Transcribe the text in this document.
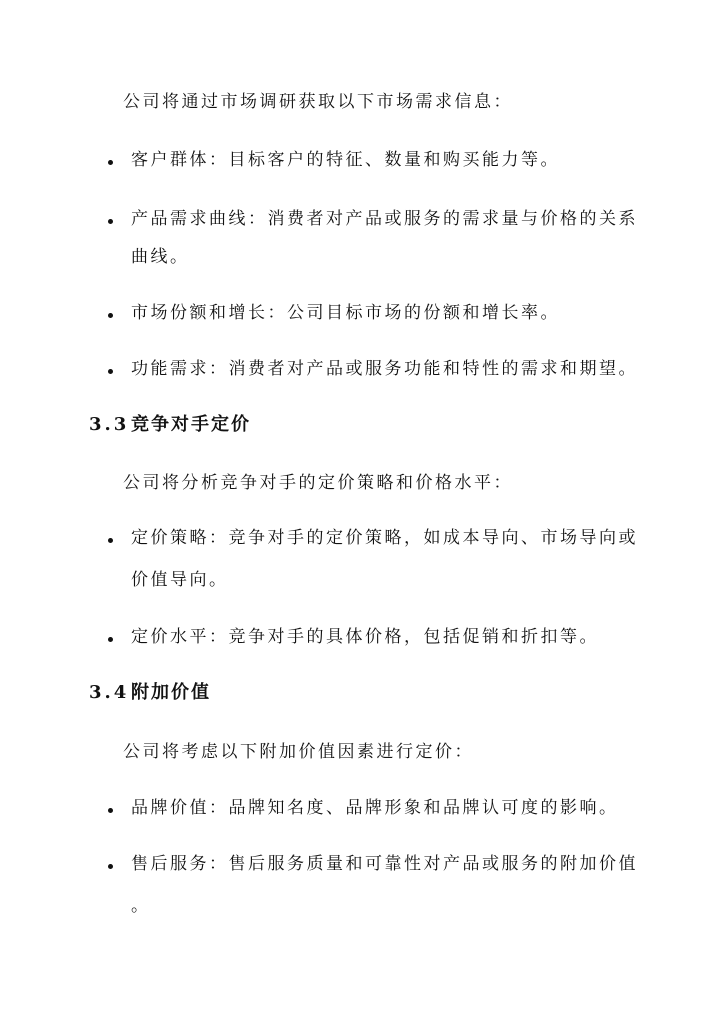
公司将通过市场调研获取以下市场需求信息：
客户群体：目标客户的特征、数量和购买能力等。
产品需求曲线：消费者对产品或服务的需求量与价格的关系
曲线。
市场份额和增长：公司目标市场的份额和增长率。
功能需求：消费者对产品或服务功能和特性的需求和期望。
3.3竞争对手定价
公司将分析竞争对手的定价策略和价格水平：
定价策略：竞争对手的定价策略，如成本导向、市场导向或
价值导向。
定价水平：竞争对手的具体价格，包括促销和折扣等。
3.4附加价值
公司将考虑以下附加价值因素进行定价：
品牌价值：品牌知名度、品牌形象和品牌认可度的影响。
售后服务：售后服务质量和可靠性对产品或服务的附加价值
。
